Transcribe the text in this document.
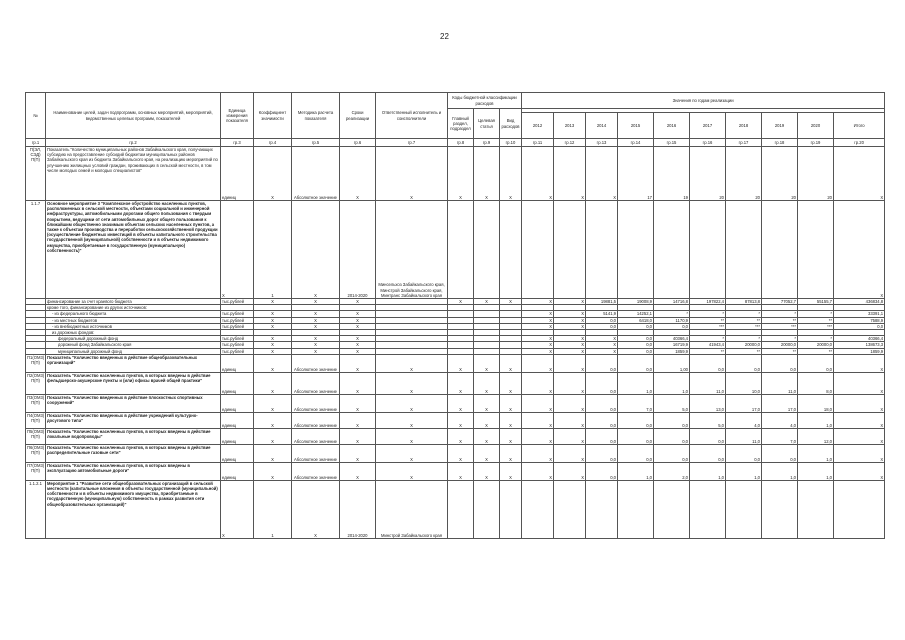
22
№	Наименование целей, задач подпрограмм, основных мероприятий, мероприятий, ведомственных целевых программ, показателей	Единица измерения показателя	Коэффициент значимости	Методика расчета показателя	Сроки реализации	Ответственный исполнитель и соисполнители	Коды бюджетной классификации расходов			Значения по годам реализации									
							Главный раздел, подраздел	Целевая статья	Вид расходов										
										2012	2013	2014	2015	2016	2017	2018	2019	2020	Итого
гр.1	гр.2	гр.3	гр.4	гр.5	гр.6	гр.7	гр.8	гр.9	гр.10	гр.11	гр.12	гр.13	гр.14	гр.15	гр.16	гр.17	гр.18	гр.19	гр.20
П(ЭЛ, СЭД) П(П)	Показатель "Количество муниципальных районов Забайкальского края, получающих субсидию на предоставление субсидий бюджетам муниципальных районов Забайкальского края из бюджета Забайкальского края, на реализацию мероприятий по улучшению жилищных условий граждан, проживающих в сельской местности, в том числе молодых семей и молодых специалистов"	единиц	X	Абсолютное значение	X	X	X	X	X	X	X	X	17	19	20	20	20	20	X
1.1.7	Основное мероприятие 3 "Комплексное обустройство населенных пунктов, расположенных в сельской местности, объектами социальной и инженерной инфраструктуры, автомобильными дорогами общего пользования с твердым покрытием, ведущими от сети автомобильных дорог общего пользования к ближайшим общественно значимым объектам сельских населенных пунктов, а также к объектам производства и переработки сельскохозяйственной продукции (осуществление бюджетных инвестиций в объекты капитального строительства государственной (муниципальной) собственности и в объекты недвижимого имущества, приобретаемые в государственную (муниципальную) собственность)"	X	1	X	2014-2020	Минсельхоз Забайкальского края, Минстрой Забайкальского края, Минтранс Забайкальского края													X
	финансирование за счет краевого бюджета	тыс.рублей	X	X	X		X	X	X	X	X	19881,5	19008,9	14716,8	197822,4	87813,8	77052,7	55155,7	436834,8
	кроме того, финансирование из других источников:																		
	- из федерального бюджета	тыс.рублей	X	X	X					X	X	5141,9	14252,1	*	*	*	*	*	33391,1
	- из местных бюджетов	тыс.рублей	X	X	X					X	X	0,0	6418,0	1170,9	**	**	**	**	7588,9
	- из внебюджетных источников	тыс.рублей	X	X	X					X	X	0,0	0,0	0,0	***	***	***	***	0,0
	из дорожных фондов:																		
	федеральный дорожный фонд	тыс.рублей	X	X	X					X	X	X	0,0	40366,4	*	*	*	*	40366,4
	дорожный фонд Забайкальского края	тыс.рублей	X	X	X					X	X	X	0,0	16719,9	41943,4	20000,0	20000,0	20000,0	138673,3
	муниципальный дорожный фонд	тыс.рублей	X	X	X					X	X	X	0,0	1859,9	**	**	**	**	1859,9
П1(ОМ3) П(П)	Показатель "Количество введенных в действие общеобразовательных организаций"	единиц	X	Абсолютное значение	X	X	X	X	X	X	X	0,0	0,0	1,00	0,0	0,0	0,0	0,0	X
П2(ОМ3) П(П)	Показатель "Количество населенных пунктов, в которых введены в действие фельдшерско-акушерские пункты и (или) офисы врачей общей практики"	единиц	X	Абсолютное значение	X	X	X	X	X	X	X	0,0	1,0	1,0	11,0	10,0	11,0	8,0	X
П3(ОМ3) П(П)	Показатель "Количество введенных в действие плоскостных спортивных сооружений"	единиц	X	Абсолютное значение	X	X	X	X	X	X	X	0,0	7,0	5,0	13,0	17,0	17,0	18,0	X
П4(ОМ3) П(П)	Показатель "Количество введенных в действие учреждений культурно-досугового типа"	единиц	X	Абсолютное значение	X	X	X	X	X	X	X	0,0	0,0	0,0	5,0	4,0	4,0	1,0	X
П5(ОМ3) П(П)	Показатель "Количество населенных пунктов, в которых введены в действие локальные водопроводы"	единиц	X	Абсолютное значение	X	X	X	X	X	X	X	0,0	0,0	0,0	0,0	11,0	7,0	12,0	X
П6(ОМ3) П(П)	Показатель "Количество населенных пунктов, в которых введены в действие распределительные газовые сети"	единиц	X	Абсолютное значение	X	X	X	X	X	X	X	0,0	0,0	0,0	0,0	0,0	0,0	1,0	X
П7(ОМ3) П(П)	Показатель "Количество населенных пунктов, в которых введены в эксплуатацию автомобильные дороги"	единиц	X	Абсолютное значение	X	X	X	X	X	X	X	0,0	1,0	2,0	1,0	1,0	1,0	1,0	X
1.1.2.1	Мероприятие 1 "Развитие сети общеобразовательных организаций в сельской местности (капитальные вложения в объекты государственной (муниципальной) собственности и в объекты недвижимого имущества, приобретаемые в государственную (муниципальную) собственность в рамках развития сети общеобразовательных организаций)"	X	1	X	2014-2020	Минстрой Забайкальского края													
